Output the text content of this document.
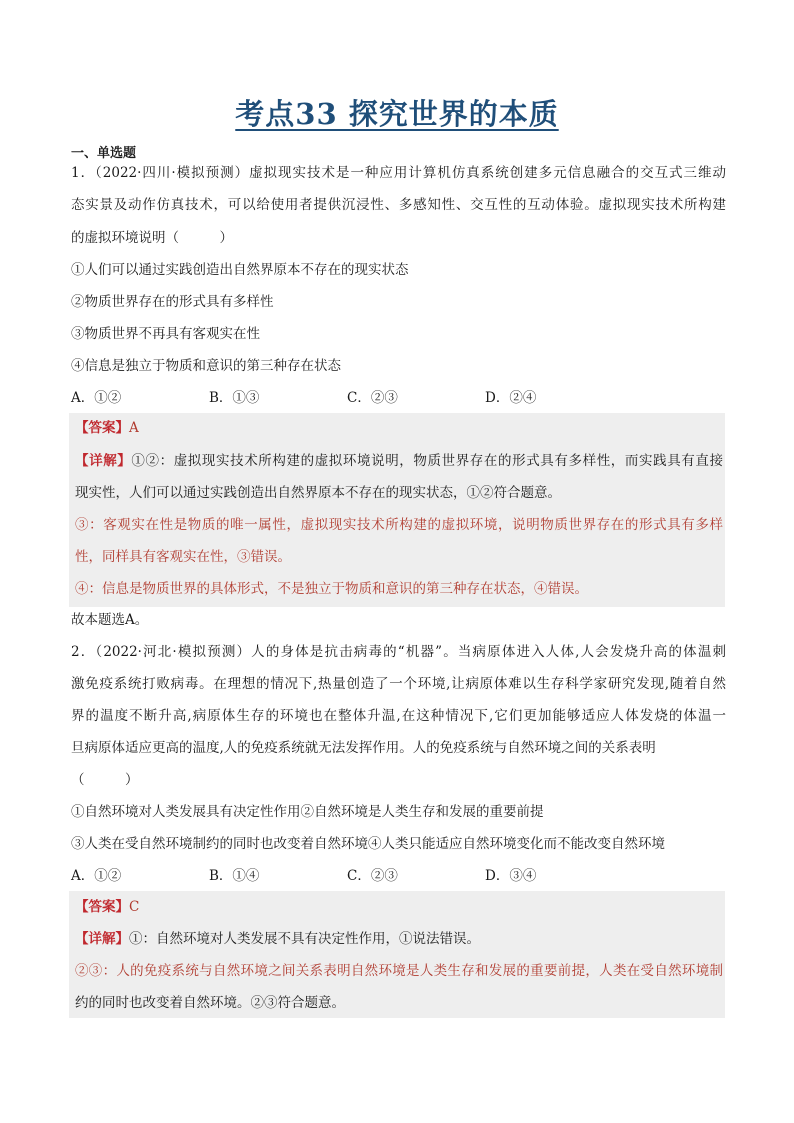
考点33 探究世界的本质
一、单选题
1．（2022·四川·模拟预测）虚拟现实技术是一种应用计算机仿真系统创建多元信息融合的交互式三维动
态实景及动作仿真技术，可以给使用者提供沉浸性、多感知性、交互性的互动体验。虚拟现实技术所构建
的虚拟环境说明（　　　）
①人们可以通过实践创造出自然界原本不存在的现实状态
②物质世界存在的形式具有多样性
③物质世界不再具有客观实在性
④信息是独立于物质和意识的第三种存在状态
A．①②	B．①③	C．②③	D．②④
【答案】A
【详解】①②：虚拟现实技术所构建的虚拟环境说明，物质世界存在的形式具有多样性，而实践具有直接
现实性，人们可以通过实践创造出自然界原本不存在的现实状态，①②符合题意。
③：客观实在性是物质的唯一属性，虚拟现实技术所构建的虚拟环境，说明物质世界存在的形式具有多样
性，同样具有客观实在性，③错误。
④：信息是物质世界的具体形式，不是独立于物质和意识的第三种存在状态，④错误。
故本题选A。
2．（2022·河北·模拟预测）人的身体是抗击病毒的“机器”。当病原体进入人体,人会发烧升高的体温刺
激免疫系统打败病毒。在理想的情况下,热量创造了一个环境,让病原体难以生存科学家研究发现,随着自然
界的温度不断升高,病原体生存的环境也在整体升温,在这种情况下,它们更加能够适应人体发烧的体温一
旦病原体适应更高的温度,人的免疫系统就无法发挥作用。人的免疫系统与自然环境之间的关系表明
（　　　）
①自然环境对人类发展具有决定性作用②自然环境是人类生存和发展的重要前提
③人类在受自然环境制约的同时也改变着自然环境④人类只能适应自然环境变化而不能改变自然环境
A．①②	B．①④	C．②③	D．③④
【答案】C
【详解】①：自然环境对人类发展不具有决定性作用，①说法错误。
②③：人的免疫系统与自然环境之间关系表明自然环境是人类生存和发展的重要前提，人类在受自然环境制
约的同时也改变着自然环境。②③符合题意。
